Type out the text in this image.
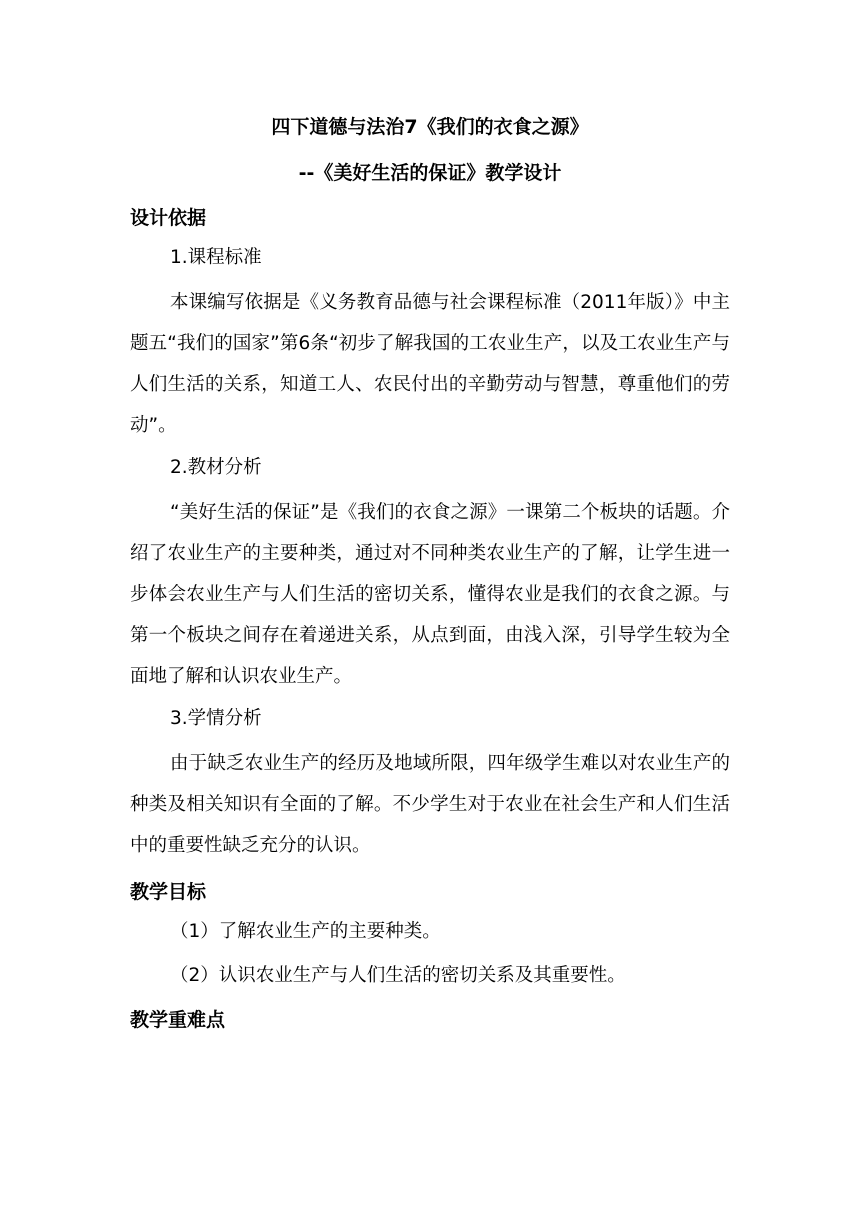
四下道德与法治7《我们的衣食之源》

--《美好生活的保证》教学设计

设计依据

1.课程标准

本课编写依据是《义务教育品德与社会课程标准（2011年版）》中主题五“我们的国家”第6条“初步了解我国的工农业生产，以及工农业生产与人们生活的关系，知道工人、农民付出的辛勤劳动与智慧，尊重他们的劳动”。

2.教材分析

“美好生活的保证”是《我们的衣食之源》一课第二个板块的话题。介绍了农业生产的主要种类，通过对不同种类农业生产的了解，让学生进一步体会农业生产与人们生活的密切关系，懂得农业是我们的衣食之源。与第一个板块之间存在着递进关系，从点到面，由浅入深，引导学生较为全面地了解和认识农业生产。

3.学情分析

由于缺乏农业生产的经历及地域所限，四年级学生难以对农业生产的种类及相关知识有全面的了解。不少学生对于农业在社会生产和人们生活中的重要性缺乏充分的认识。

教学目标

（1）了解农业生产的主要种类。

（2）认识农业生产与人们生活的密切关系及其重要性。

教学重难点
